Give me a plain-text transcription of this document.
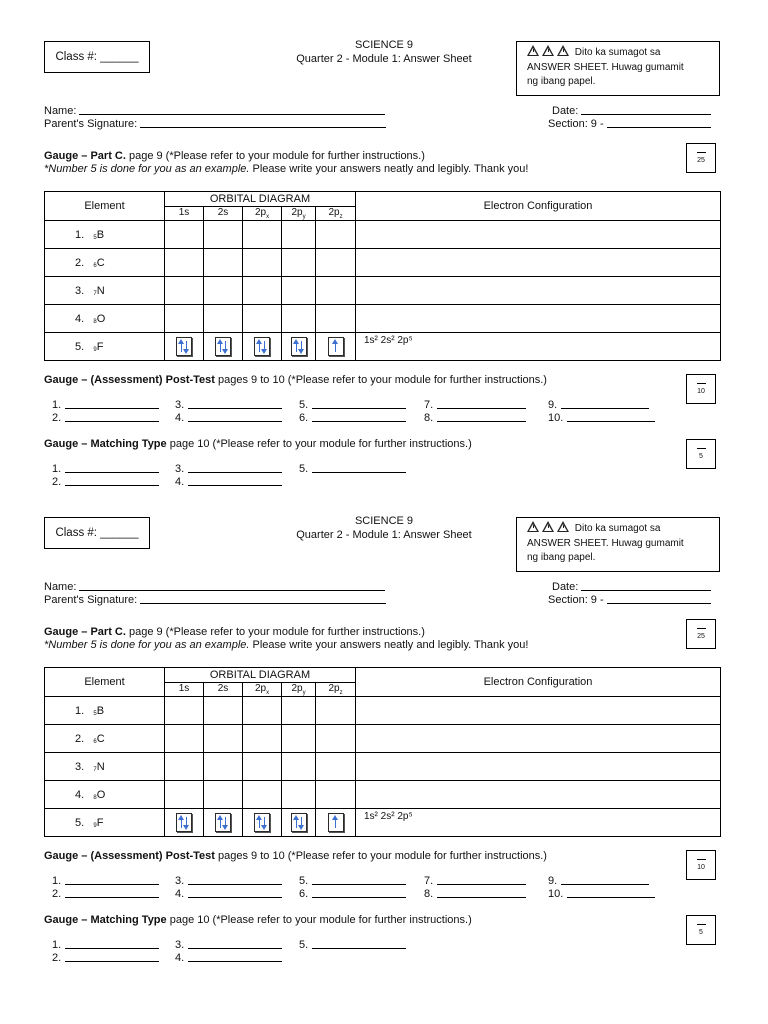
Class #: ______
SCIENCE 9
Quarter 2 - Module 1: Answer Sheet
Dito ka sumagot sa
ANSWER SHEET. Huwag gumamit
ng ibang papel.
Name:
Parent's Signature:
Date:
Section: 9 -
Gauge – Part C. page 9 (*Please refer to your module for further instructions.)
*Number 5 is done for you as an example. Please write your answers neatly and legibly. Thank you!
25
Element	ORBITAL DIAGRAM					Electron Configuration
	1s	2s	$2p_x$	$2p_y$	$2p_z$
1. $_5$B						
2. $_6$C						
3. $_7$N						
4. $_8$O						
5. $_9$F						1s² 2s² 2p⁵
Gauge – (Assessment) Post-Test pages 9 to 10 (*Please refer to your module for further instructions.)
10
1.
2.
3.
4.
5.
6.
7.
8.
9.
10.
Gauge – Matching Type page 10 (*Please refer to your module for further instructions.)
5
1.
2.
3.
4.
5.
Class #: ______
SCIENCE 9
Quarter 2 - Module 1: Answer Sheet
Dito ka sumagot sa
ANSWER SHEET. Huwag gumamit
ng ibang papel.
Name:
Parent's Signature:
Date:
Section: 9 -
Gauge – Part C. page 9 (*Please refer to your module for further instructions.)
*Number 5 is done for you as an example. Please write your answers neatly and legibly. Thank you!
25
Element	ORBITAL DIAGRAM					Electron Configuration
	1s	2s	$2p_x$	$2p_y$	$2p_z$
1. $_5$B						
2. $_6$C						
3. $_7$N						
4. $_8$O						
5. $_9$F						1s² 2s² 2p⁵
Gauge – (Assessment) Post-Test pages 9 to 10 (*Please refer to your module for further instructions.)
10
1.
2.
3.
4.
5.
6.
7.
8.
9.
10.
Gauge – Matching Type page 10 (*Please refer to your module for further instructions.)
5
1.
2.
3.
4.
5.
